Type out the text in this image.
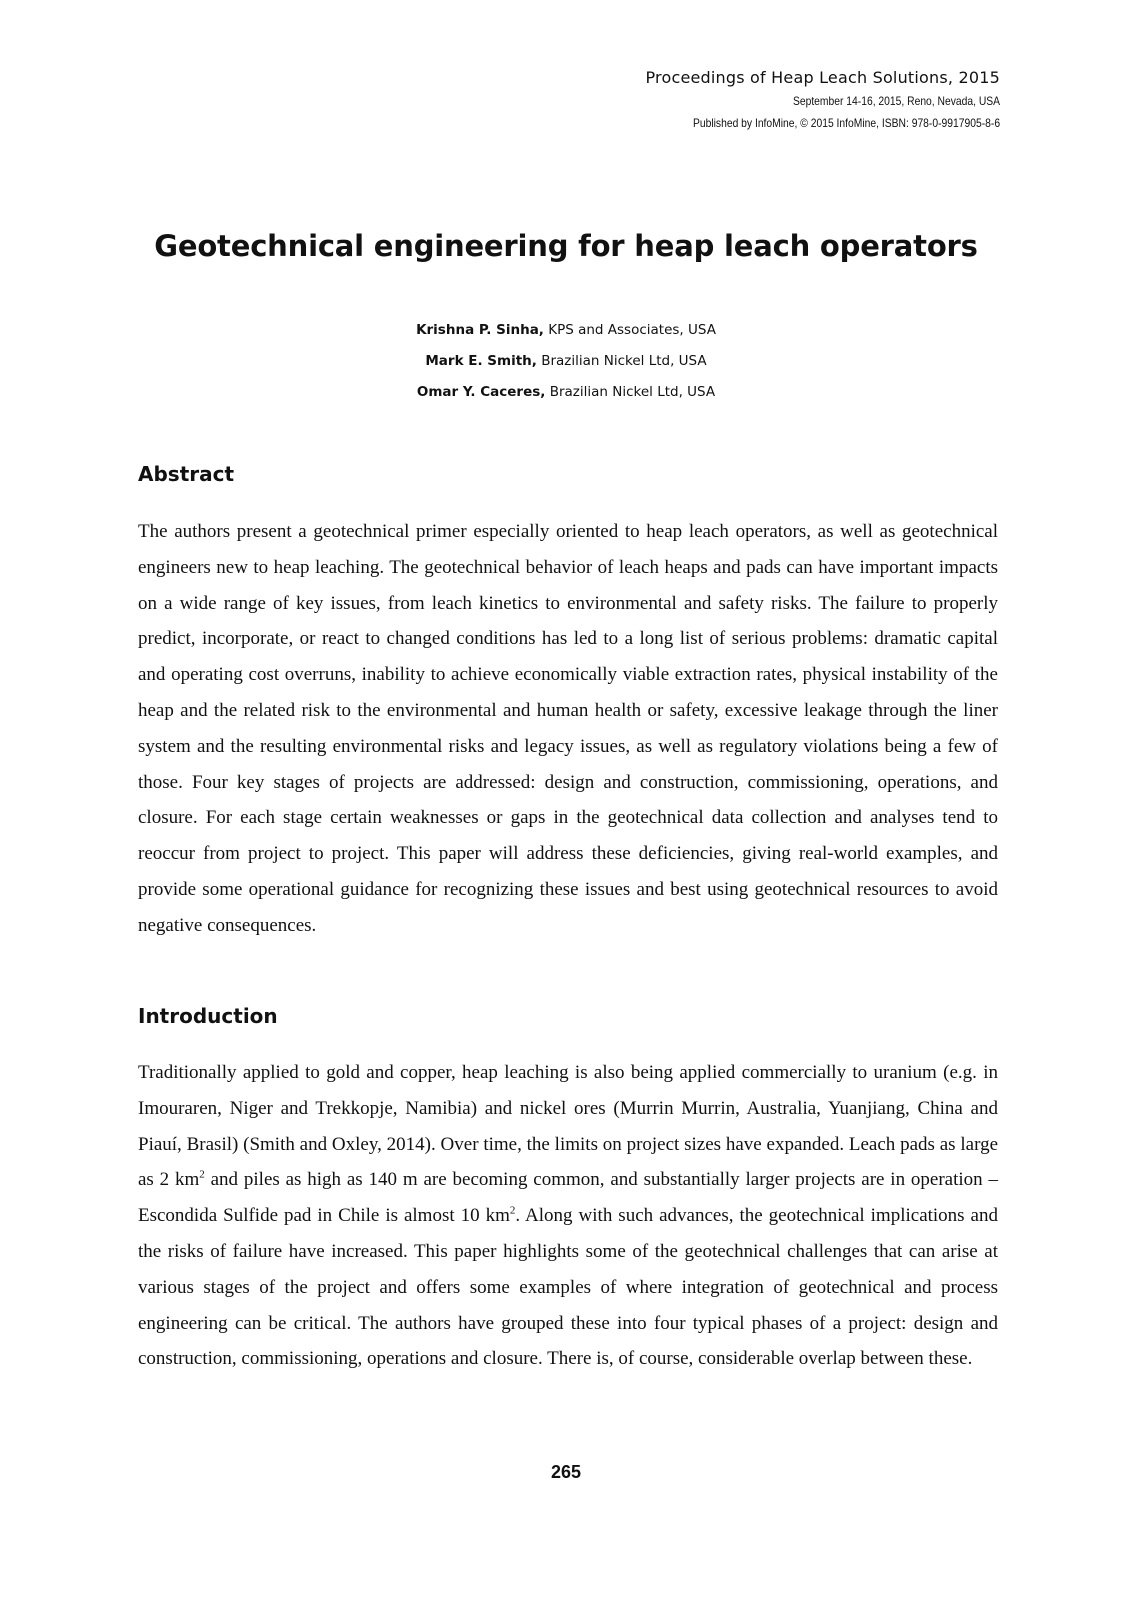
Proceedings of Heap Leach Solutions, 2015
September 14-16, 2015, Reno, Nevada, USA
Published by InfoMine, © 2015 InfoMine, ISBN: 978-0-9917905-8-6
Geotechnical engineering for heap leach operators
Krishna P. Sinha, KPS and Associates, USA
Mark E. Smith, Brazilian Nickel Ltd, USA
Omar Y. Caceres, Brazilian Nickel Ltd, USA
Abstract
The authors present a geotechnical primer especially oriented to heap leach operators, as well as geotechnical engineers new to heap leaching. The geotechnical behavior of leach heaps and pads can have important impacts on a wide range of key issues, from leach kinetics to environmental and safety risks. The failure to properly predict, incorporate, or react to changed conditions has led to a long list of serious problems: dramatic capital and operating cost overruns, inability to achieve economically viable extraction rates, physical instability of the heap and the related risk to the environmental and human health or safety, excessive leakage through the liner system and the resulting environmental risks and legacy issues, as well as regulatory violations being a few of those. Four key stages of projects are addressed: design and construction, commissioning, operations, and closure. For each stage certain weaknesses or gaps in the geotechnical data collection and analyses tend to reoccur from project to project. This paper will address these deficiencies, giving real-world examples, and provide some operational guidance for recognizing these issues and best using geotechnical resources to avoid negative consequences.
Introduction
Traditionally applied to gold and copper, heap leaching is also being applied commercially to uranium (e.g. in Imouraren, Niger and Trekkopje, Namibia) and nickel ores (Murrin Murrin, Australia, Yuanjiang, China and Piauí, Brasil) (Smith and Oxley, 2014). Over time, the limits on project sizes have expanded. Leach pads as large as 2 $km^2$ and piles as high as 140 m are becoming common, and substantially larger projects are in operation – Escondida Sulfide pad in Chile is almost 10 $km^2$. Along with such advances, the geotechnical implications and the risks of failure have increased. This paper highlights some of the geotechnical challenges that can arise at various stages of the project and offers some examples of where integration of geotechnical and process engineering can be critical. The authors have grouped these into four typical phases of a project: design and construction, commissioning, operations and closure. There is, of course, considerable overlap between these.
265
